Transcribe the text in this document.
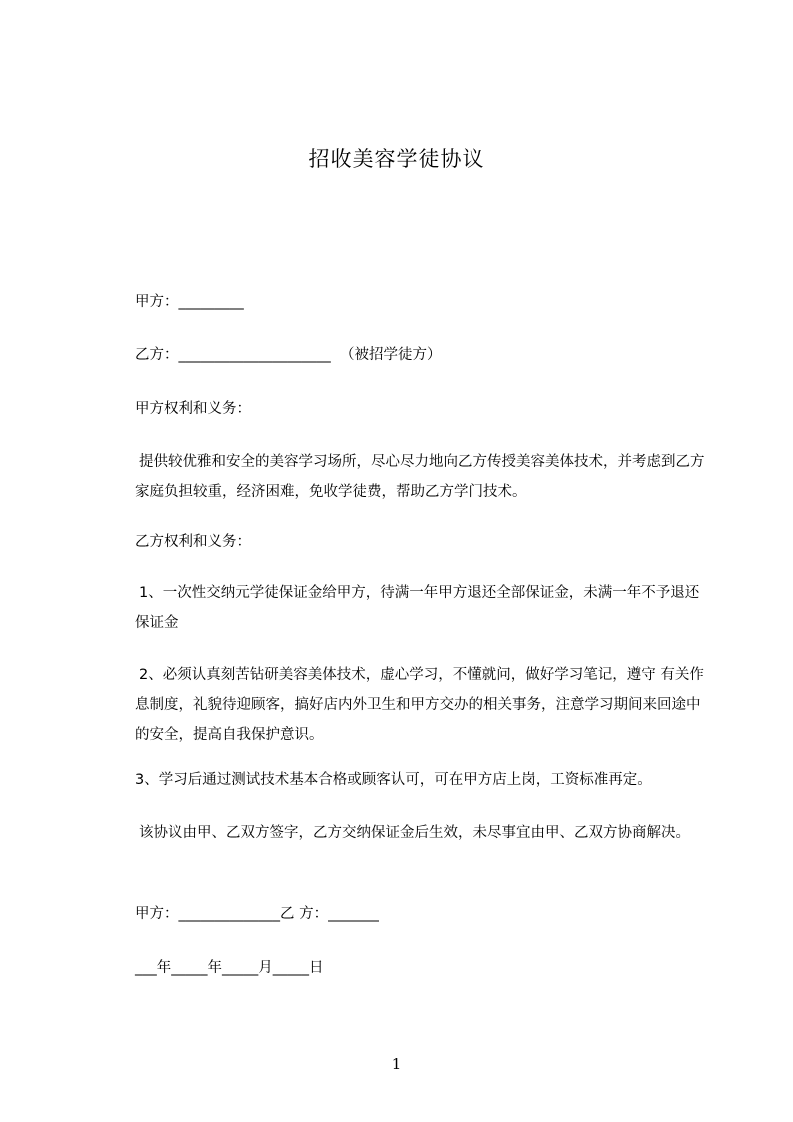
招收美容学徒协议
甲方：_________
乙方：_____________________  （被招学徒方）
甲方权利和义务：
提供较优雅和安全的美容学习场所，尽心尽力地向乙方传授美容美体技术，并考虑到乙方家庭负担较重，经济困难，免收学徒费，帮助乙方学门技术。
乙方权利和义务：
1、一次性交纳元学徒保证金给甲方，待满一年甲方退还全部保证金，未满一年不予退还保证金
2、必须认真刻苦钻研美容美体技术，虚心学习，不懂就问，做好学习笔记，遵守 有关作息制度，礼貌待迎顾客，搞好店内外卫生和甲方交办的相关事务，注意学习期间来回途中的安全，提高自我保护意识。
3、学习后通过测试技术基本合格或顾客认可，可在甲方店上岗，工资标准再定。
该协议由甲、乙双方签字，乙方交纳保证金后生效，未尽事宜由甲、乙双方协商解决。
甲方：______________乙 方：_______
___年_____年_____月_____日
1
